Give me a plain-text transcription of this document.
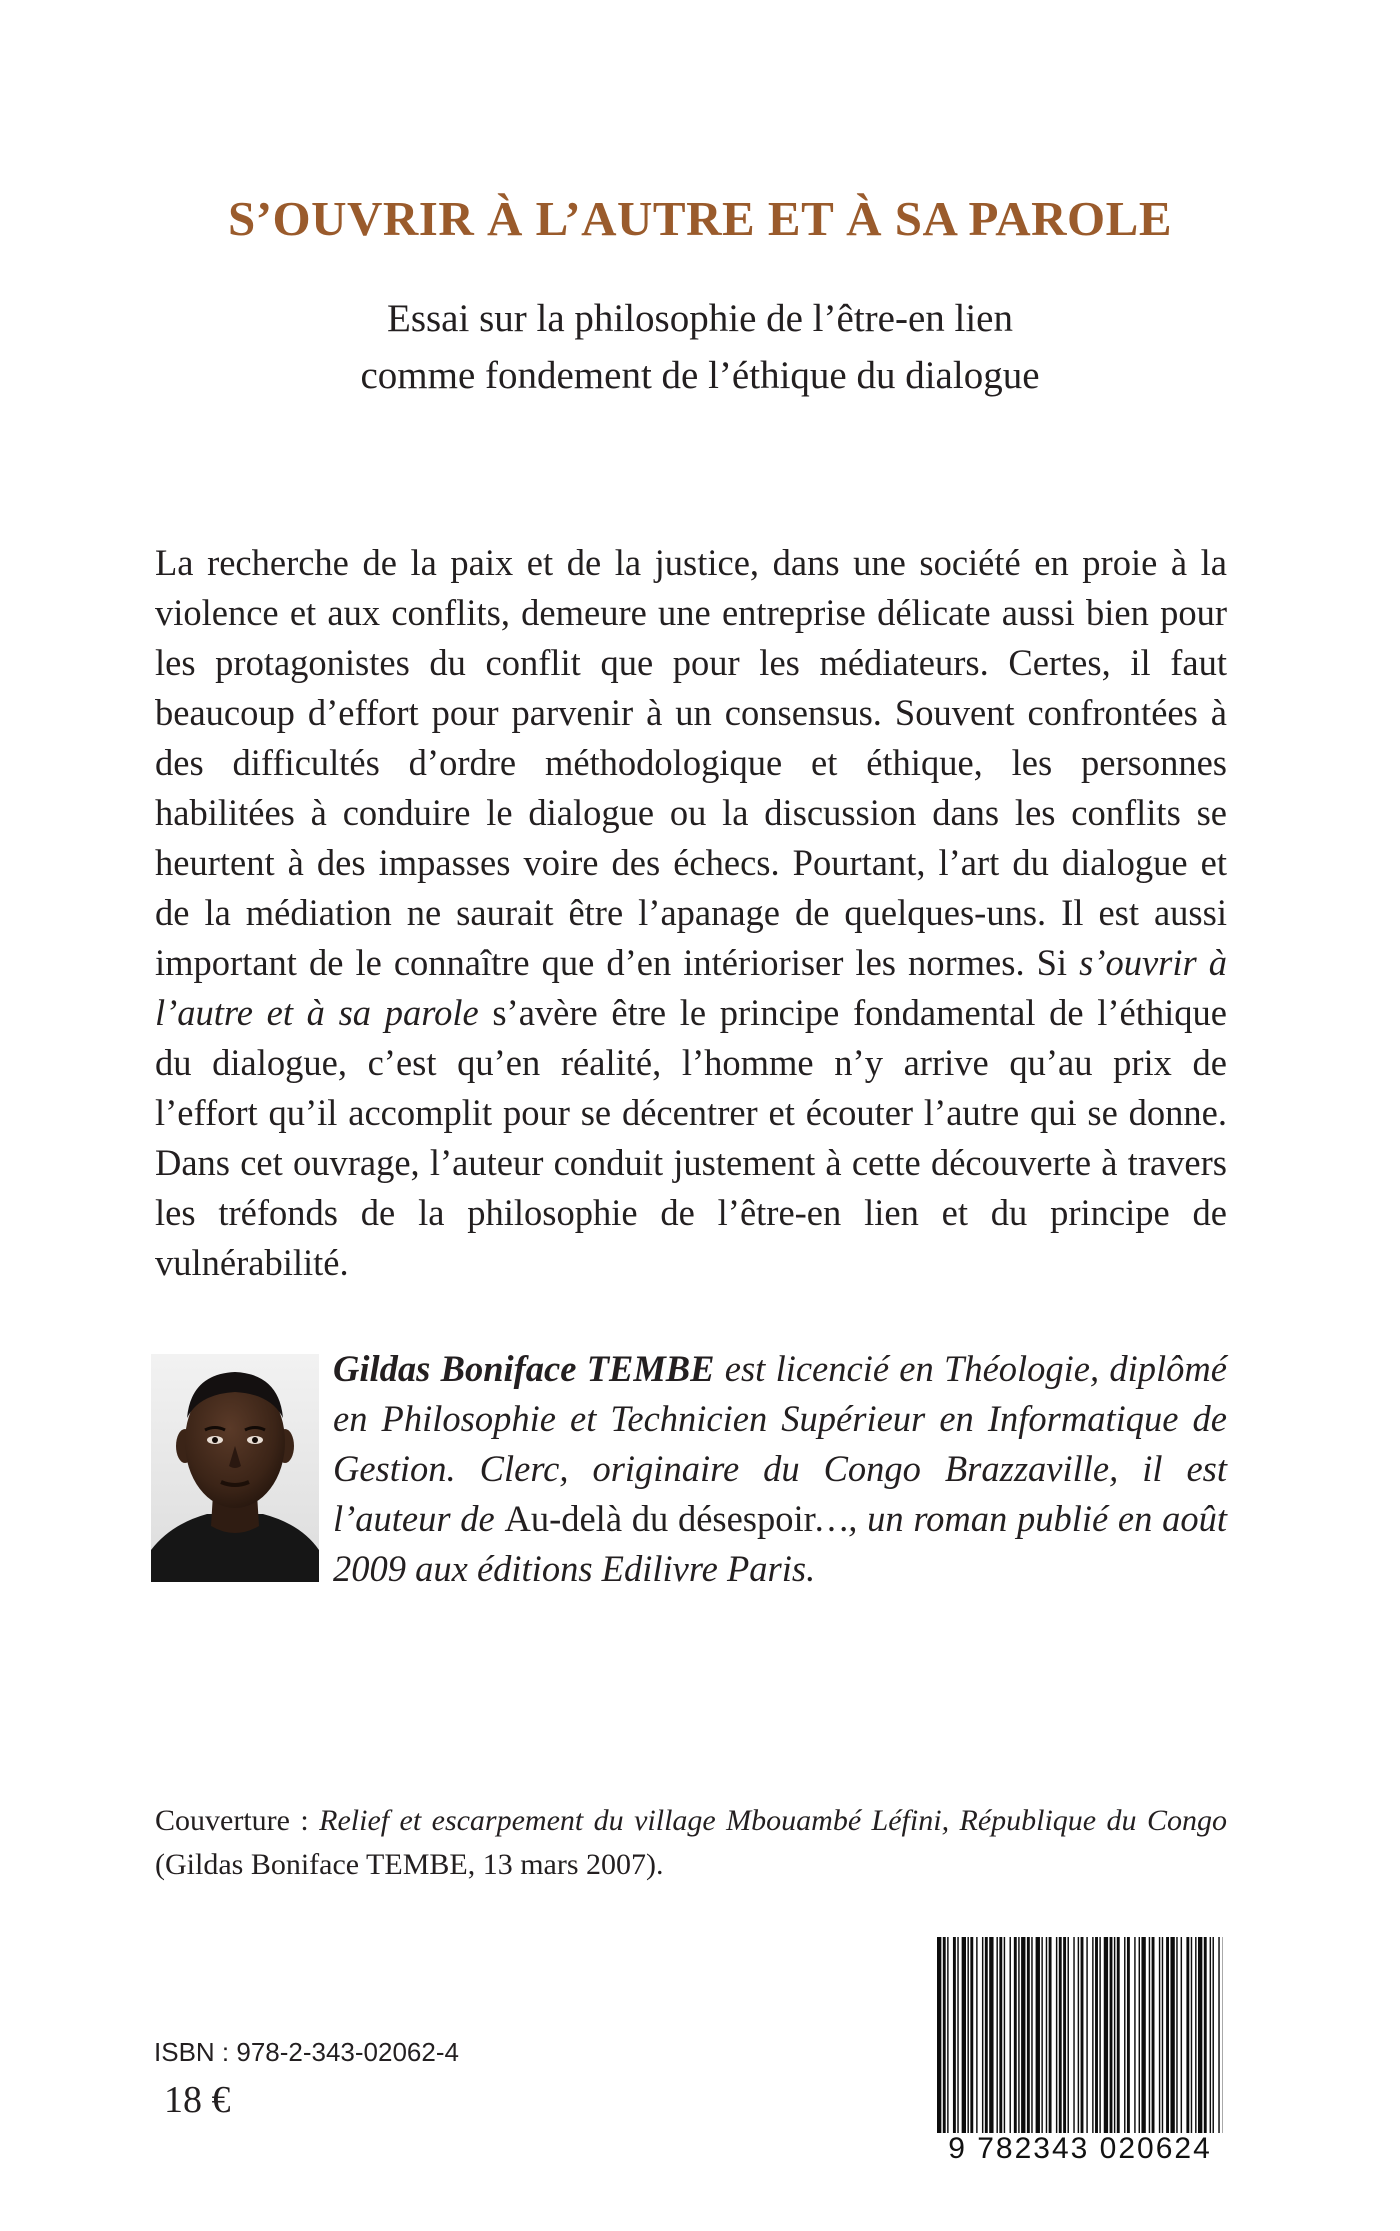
S’OUVRIR À L’AUTRE ET À SA PAROLE
Essai sur la philosophie de l’être-en lien
comme fondement de l’éthique du dialogue

La recherche de la paix et de la justice, dans une société en proie à la violence et aux conflits, demeure une entreprise délicate aussi bien pour les protagonistes du conflit que pour les médiateurs. Certes, il faut beaucoup d’effort pour parvenir à un consensus. Souvent confrontées à des difficultés d’ordre méthodologique et éthique, les personnes habilitées à conduire le dialogue ou la discussion dans les conflits se heurtent à des impasses voire des échecs. Pourtant, l’art du dialogue et de la médiation ne saurait être l’apanage de quelques-uns. Il est aussi important de le connaître que d’en intérioriser les normes. Si s’ouvrir à l’autre et à sa parole s’avère être le principe fondamental de l’éthique du dialogue, c’est qu’en réalité, l’homme n’y arrive qu’au prix de l’effort qu’il accomplit pour se décentrer et écouter l’autre qui se donne. Dans cet ouvrage, l’auteur conduit justement à cette découverte à travers les tréfonds de la philosophie de l’être-en lien et du principe de vulnérabilité.

Gildas Boniface TEMBE est licencié en Théologie, diplômé en Philosophie et Technicien Supérieur en Informatique de Gestion. Clerc, originaire du Congo Brazzaville, il est l’auteur de Au-delà du désespoir…, un roman publié en août 2009 aux éditions Edilivre Paris.

Couverture : Relief et escarpement du village Mbouambé Léfini, République du Congo (Gildas Boniface TEMBE, 13 mars 2007).

ISBN : 978-2-343-02062-4
18 €
9 782343 020624
